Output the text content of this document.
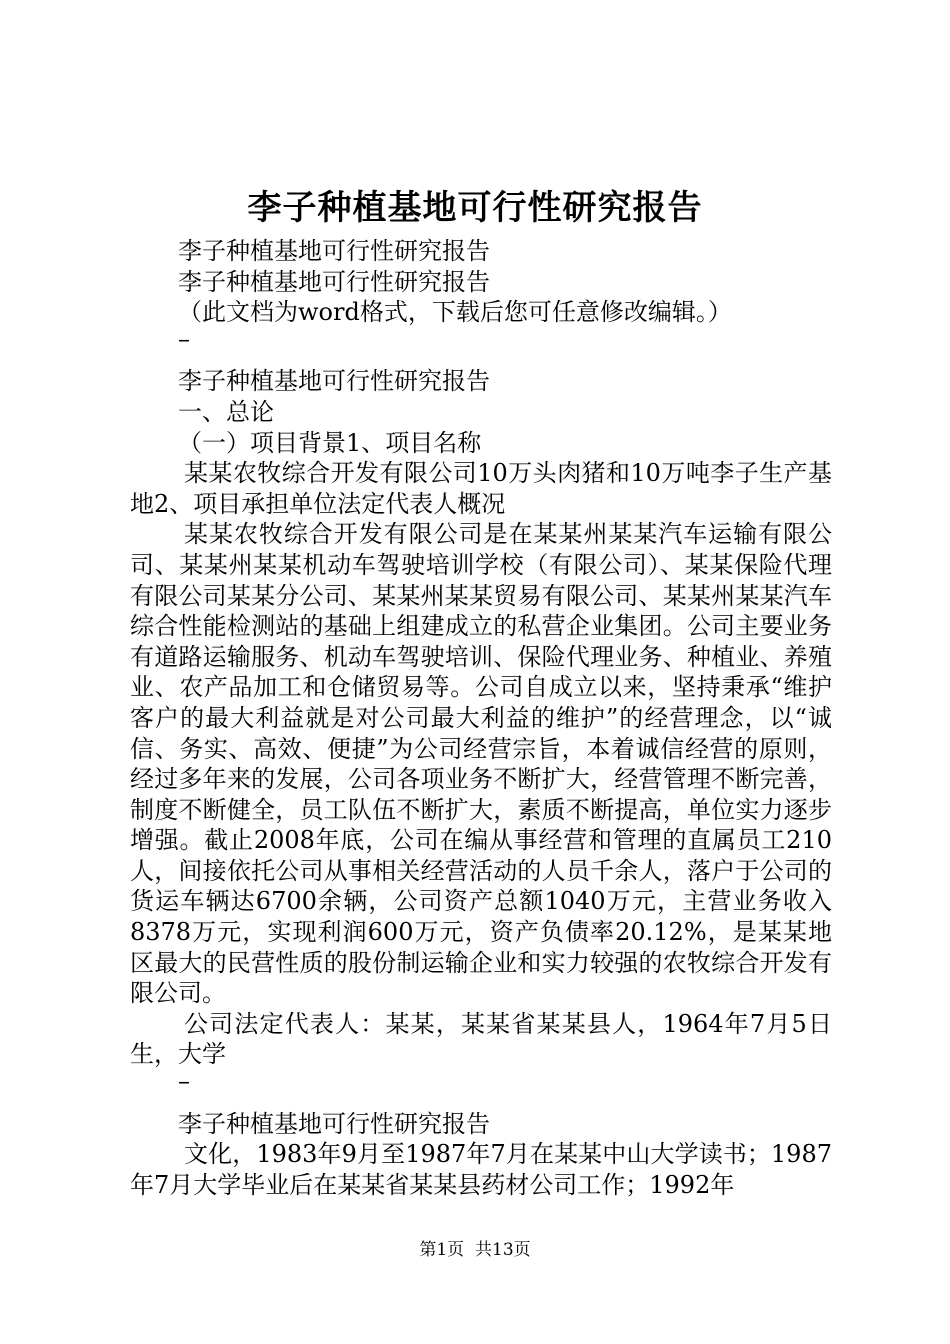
李子种植基地可行性研究报告

李子种植基地可行性研究报告

李子种植基地可行性研究报告

（此文档为word格式，下载后您可任意修改编辑。）

–

李子种植基地可行性研究报告

一、总论

（一）项目背景1、项目名称

某某农牧综合开发有限公司10万头肉猪和10万吨李子生产基地2、项目承担单位法定代表人概况

某某农牧综合开发有限公司是在某某州某某汽车运输有限公司、某某州某某机动车驾驶培训学校（有限公司）、某某保险代理有限公司某某分公司、某某州某某贸易有限公司、某某州某某汽车综合性能检测站的基础上组建成立的私营企业集团。公司主要业务有道路运输服务、机动车驾驶培训、保险代理业务、种植业、养殖业、农产品加工和仓储贸易等。公司自成立以来，坚持秉承“维护客户的最大利益就是对公司最大利益的维护”的经营理念，以“诚信、务实、高效、便捷”为公司经营宗旨，本着诚信经营的原则，经过多年来的发展，公司各项业务不断扩大，经营管理不断完善，制度不断健全，员工队伍不断扩大，素质不断提高，单位实力逐步增强。截止2008年底，公司在编从事经营和管理的直属员工210人，间接依托公司从事相关经营活动的人员千余人，落户于公司的货运车辆达6700余辆，公司资产总额1040万元，主营业务收入8378万元，实现利润600万元，资产负债率20.12%，是某某地区最大的民营性质的股份制运输企业和实力较强的农牧综合开发有限公司。

公司法定代表人：某某，某某省某某县人，1964年7月5日生，大学

–

李子种植基地可行性研究报告

文化，1983年9月至1987年7月在某某中山大学读书；1987年7月大学毕业后在某某省某某县药材公司工作；1992年

第1页 共13页
